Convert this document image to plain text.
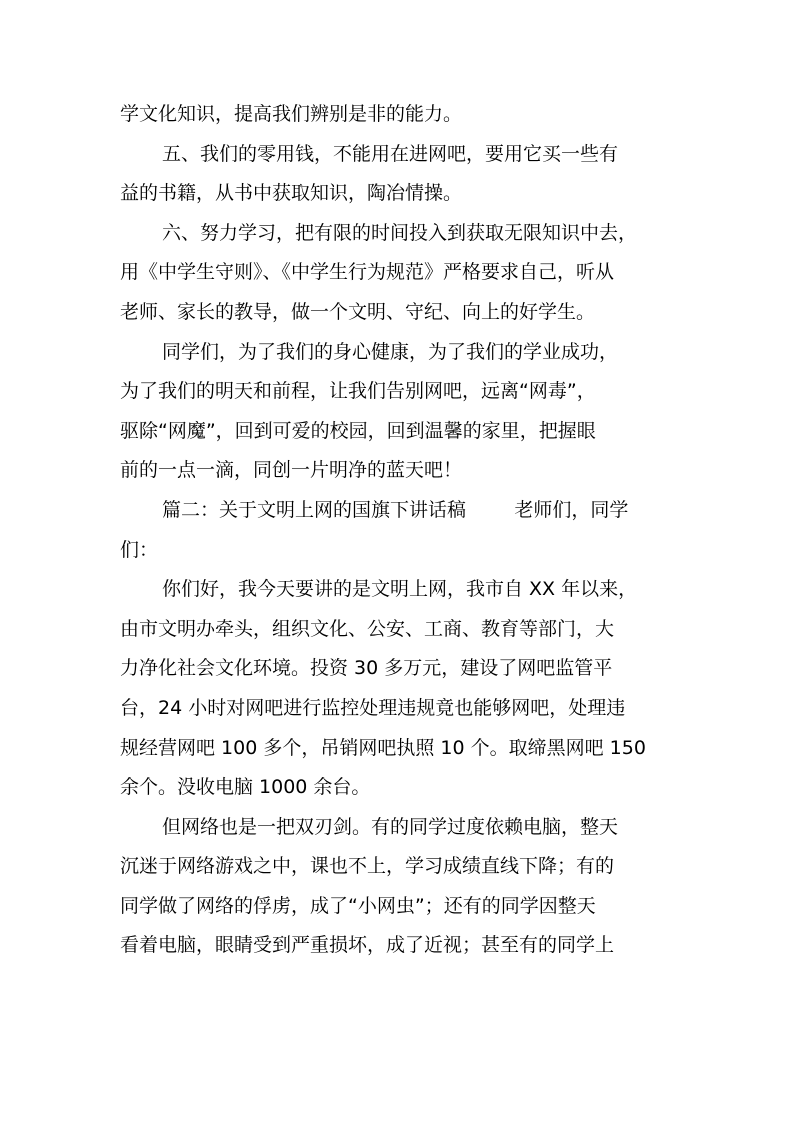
学文化知识，提高我们辨别是非的能力。

五、我们的零用钱，不能用在进网吧，要用它买一些有

益的书籍，从书中获取知识，陶冶情操。

六、努力学习，把有限的时间投入到获取无限知识中去，

用《中学生守则》、《中学生行为规范》严格要求自己，听从

老师、家长的教导，做一个文明、守纪、向上的好学生。

同学们，为了我们的身心健康，为了我们的学业成功，

为了我们的明天和前程，让我们告别网吧，远离“网毒”，

驱除“网魔”，回到可爱的校园，回到温馨的家里，把握眼

前的一点一滴，同创一片明净的蓝天吧！

篇二：关于文明上网的国旗下讲话稿        老师们，同学

们：

你们好，我今天要讲的是文明上网，我市自 XX 年以来，

由市文明办牵头，组织文化、公安、工商、教育等部门，大

力净化社会文化环境。投资 30 多万元，建设了网吧监管平

台，24 小时对网吧进行监控处理违规竟也能够网吧，处理违

规经营网吧 100 多个，吊销网吧执照 10 个。取缔黑网吧 150

余个。没收电脑 1000 余台。

但网络也是一把双刃剑。有的同学过度依赖电脑，整天

沉迷于网络游戏之中，课也不上，学习成绩直线下降；有的

同学做了网络的俘虏，成了“小网虫”；还有的同学因整天

看着电脑，眼睛受到严重损坏，成了近视；甚至有的同学上
